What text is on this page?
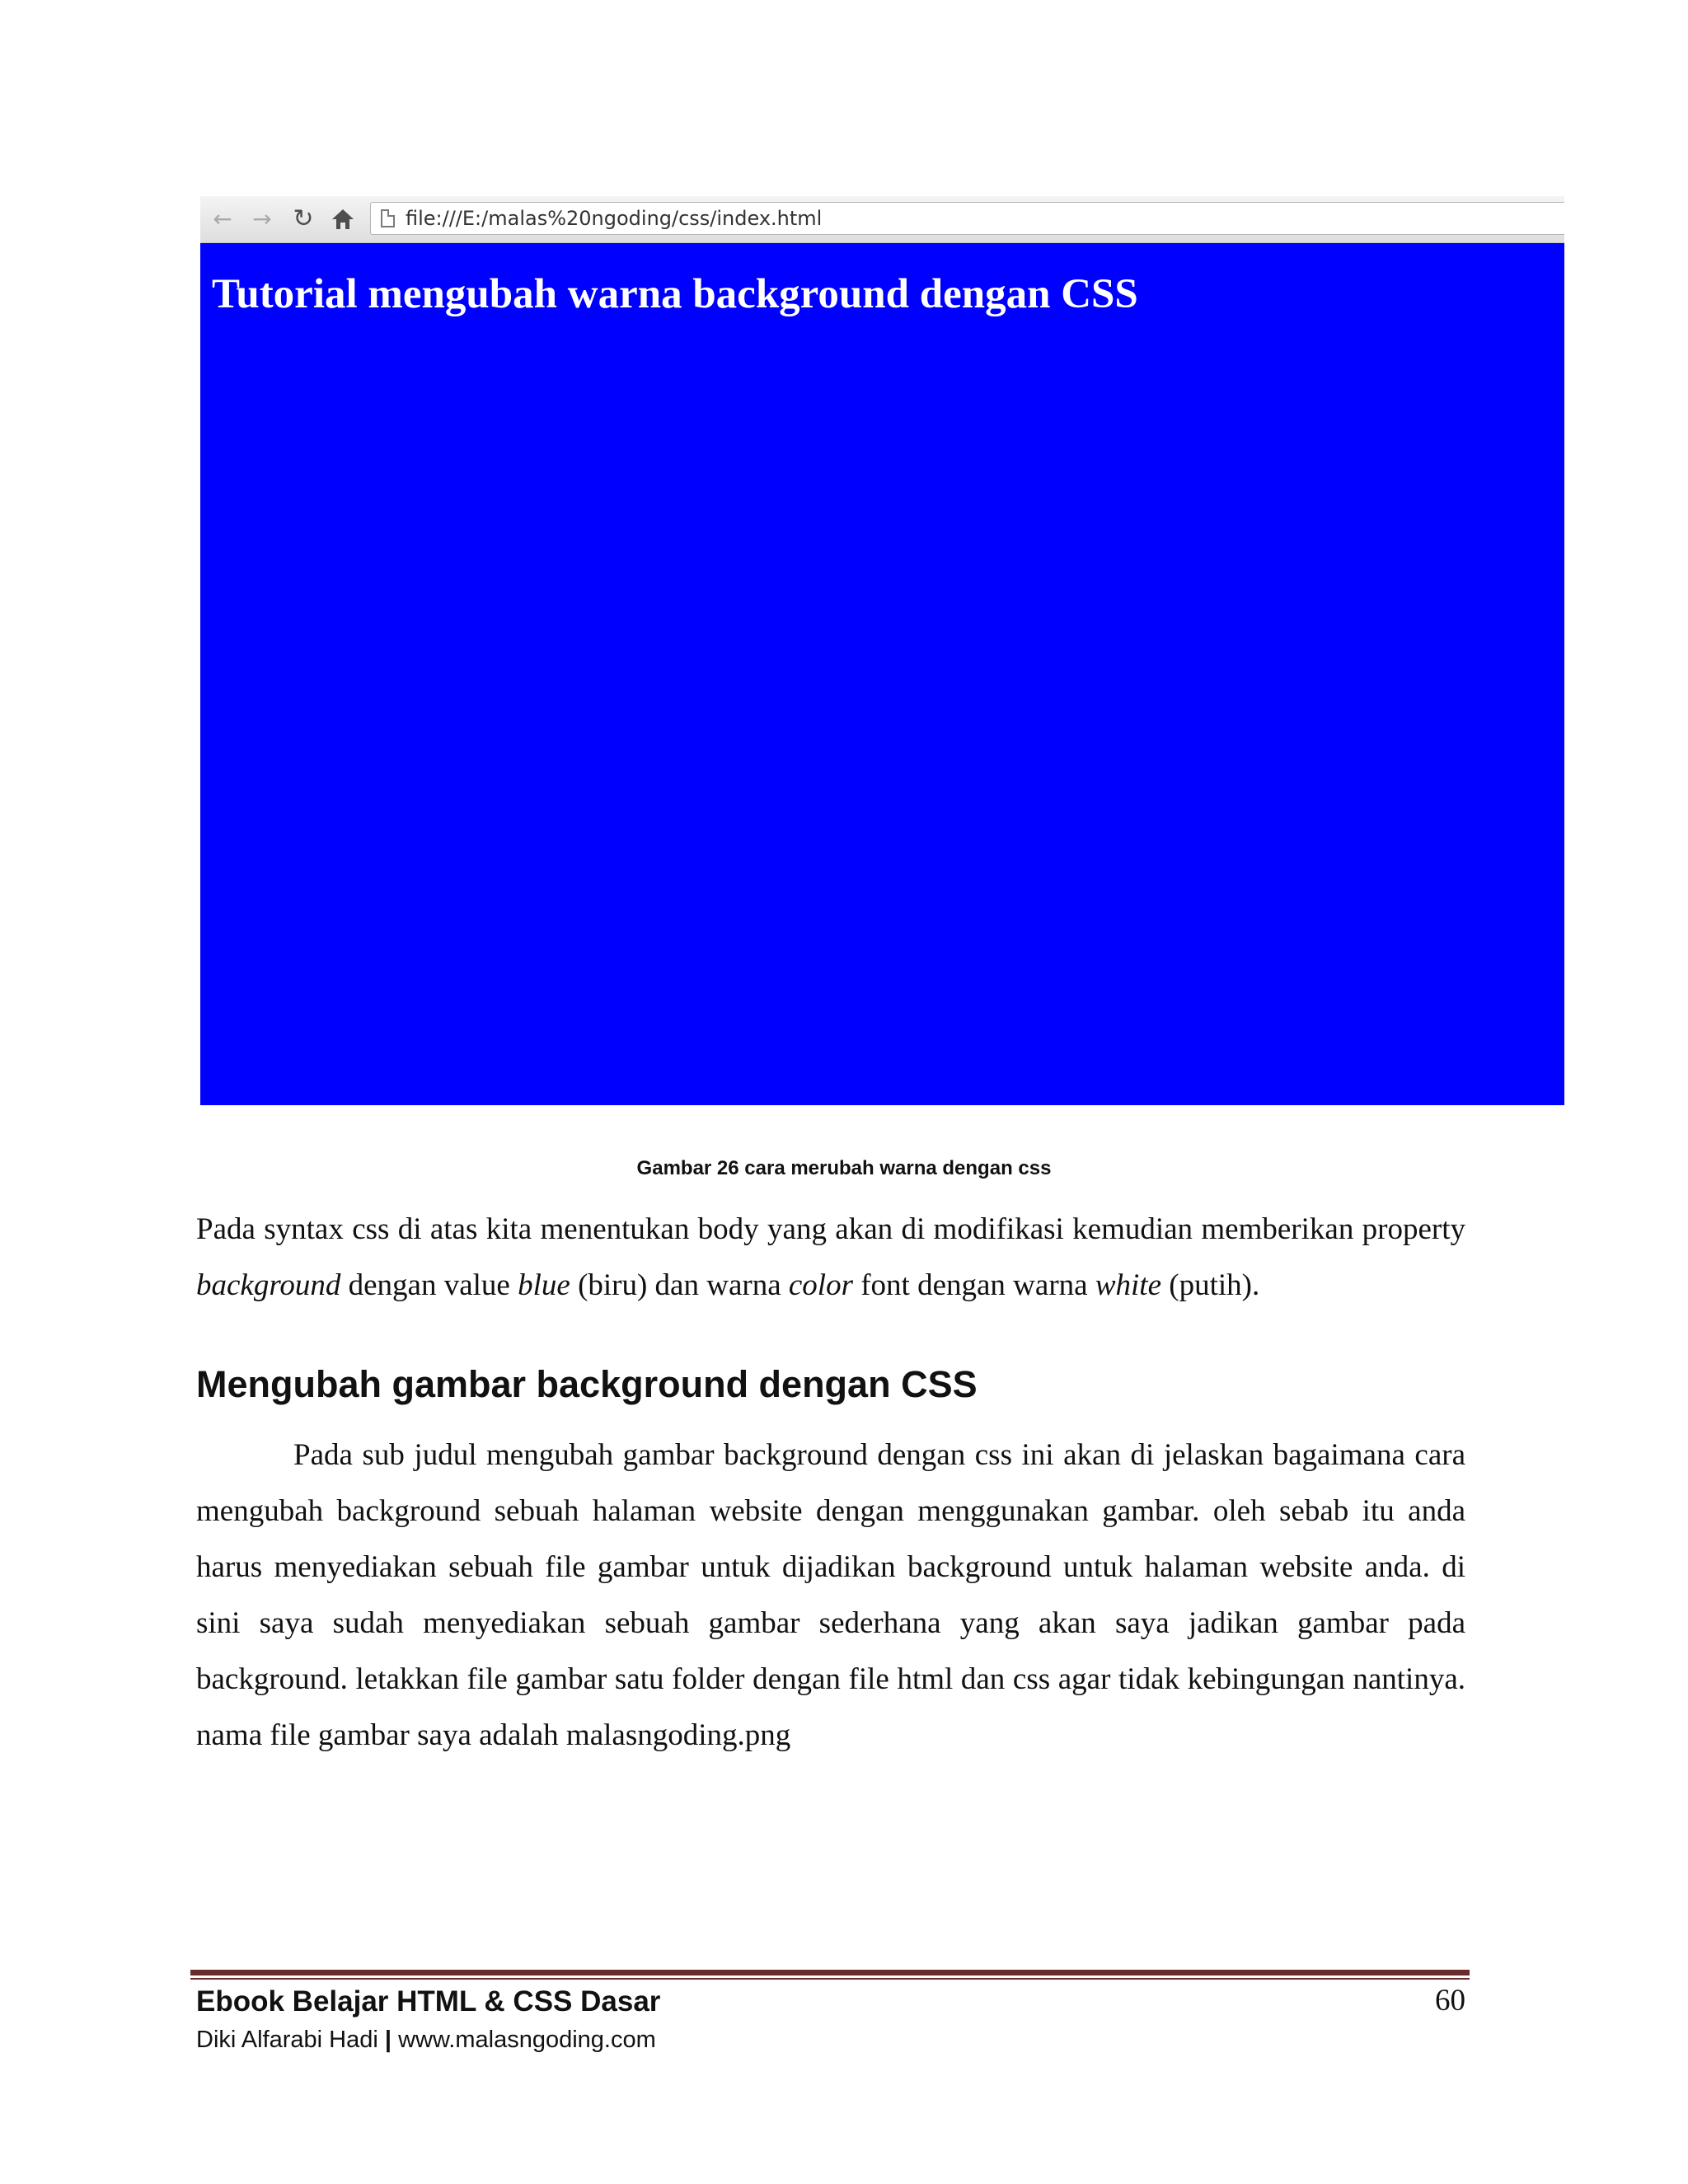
← → ↻	file:///E:/malas%20ngoding/css/index.html
Tutorial mengubah warna background dengan CSS
Gambar 26 cara merubah warna dengan css

Pada syntax css di atas kita menentukan body yang akan di modifikasi kemudian memberikan property background dengan value blue (biru) dan warna color font dengan warna white (putih).

Mengubah gambar background dengan CSS

Pada sub judul mengubah gambar background dengan css ini akan di jelaskan bagaimana cara mengubah background sebuah halaman website dengan menggunakan gambar. oleh sebab itu anda harus menyediakan sebuah file gambar untuk dijadikan background untuk halaman website anda. di sini saya sudah menyediakan sebuah gambar sederhana yang akan saya jadikan gambar pada background. letakkan file gambar satu folder dengan file html dan css agar tidak kebingungan nantinya. nama file gambar saya adalah malasngoding.png

Ebook Belajar HTML & CSS Dasar	60
Diki Alfarabi Hadi | www.malasngoding.com
